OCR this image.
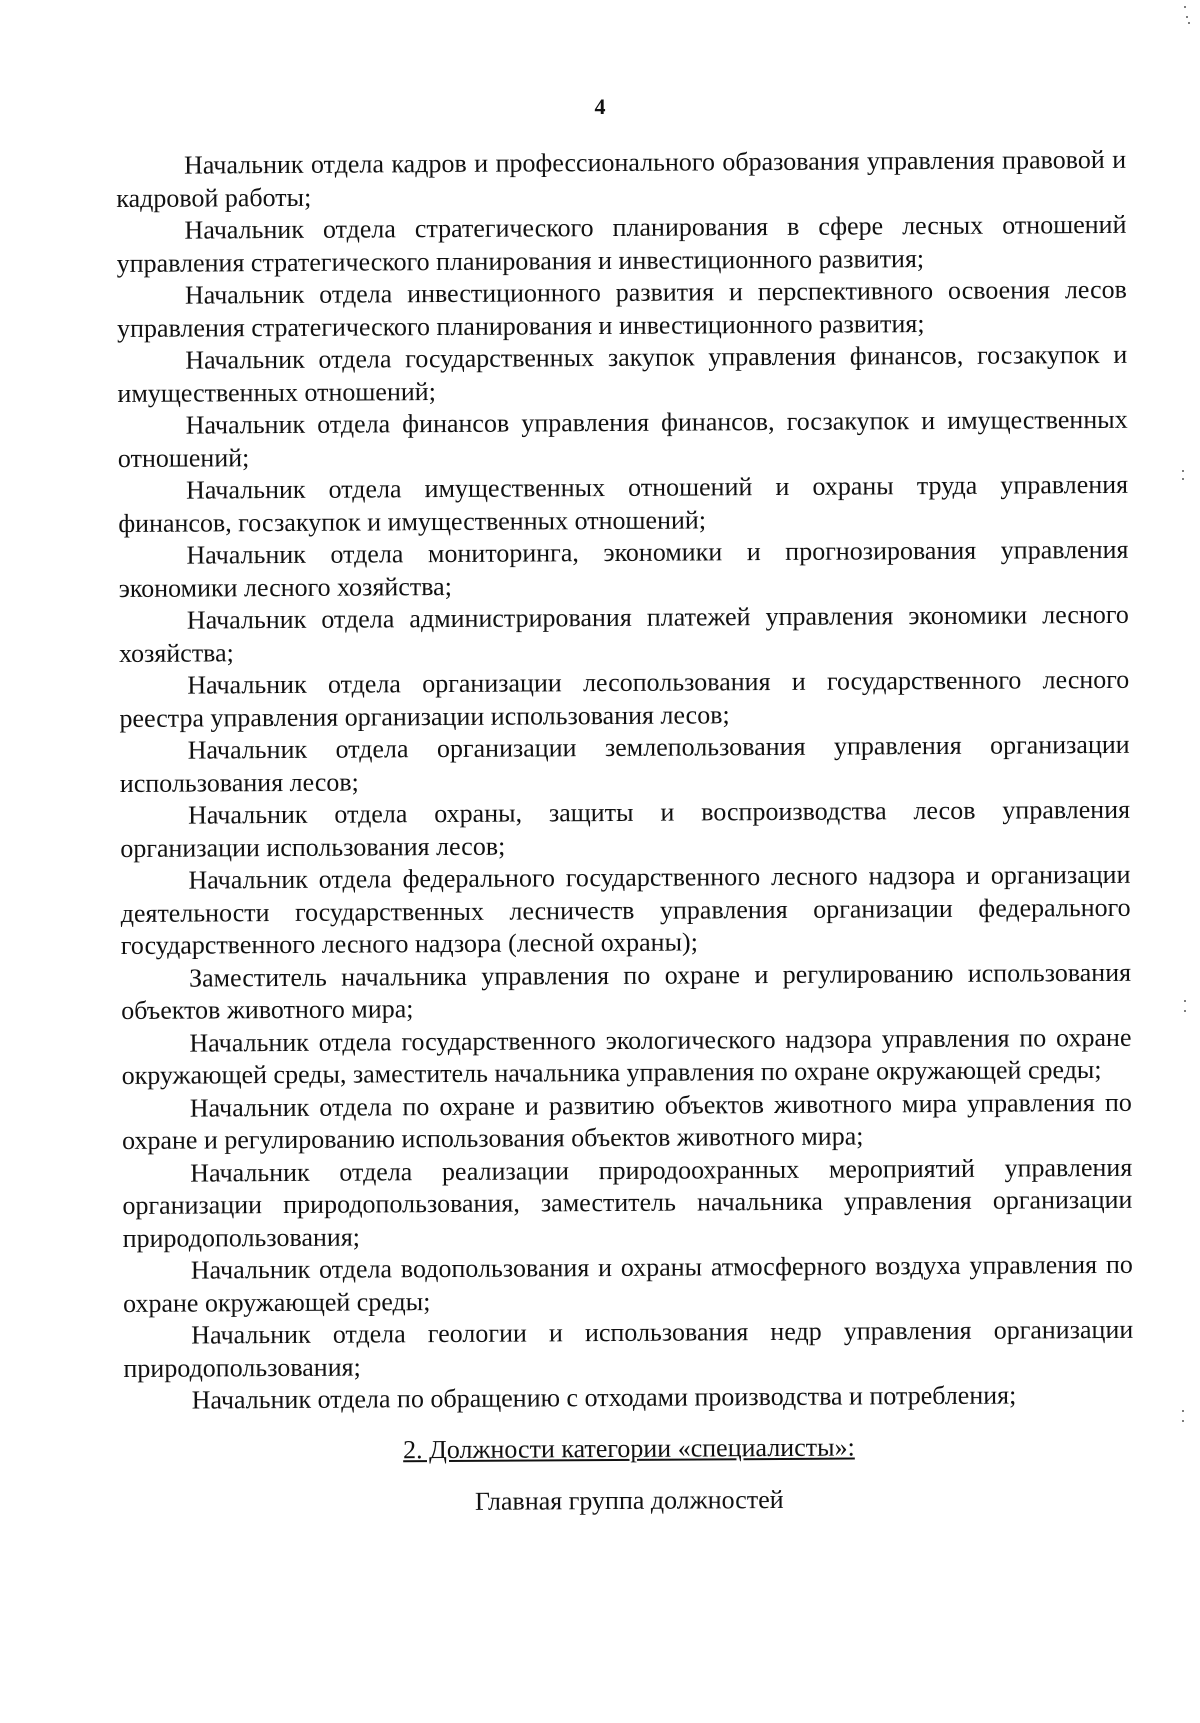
4

Начальник отдела кадров и профессионального образования управления правовой и кадровой работы;

Начальник отдела стратегического планирования в сфере лесных отношений управления стратегического планирования и инвестиционного развития;

Начальник отдела инвестиционного развития и перспективного освоения лесов управления стратегического планирования и инвестиционного развития;

Начальник отдела государственных закупок управления финансов, госзакупок и имущественных отношений;

Начальник отдела финансов управления финансов, госзакупок и имущественных отношений;

Начальник отдела имущественных отношений и охраны труда управления финансов, госзакупок и имущественных отношений;

Начальник отдела мониторинга, экономики и прогнозирования управления экономики лесного хозяйства;

Начальник отдела администрирования платежей управления экономики лесного хозяйства;

Начальник отдела организации лесопользования и государственного лесного реестра управления организации использования лесов;

Начальник отдела организации землепользования управления организации использования лесов;

Начальник отдела охраны, защиты и воспроизводства лесов управления организации использования лесов;

Начальник отдела федерального государственного лесного надзора и организации деятельности государственных лесничеств управления организации федерального государственного лесного надзора (лесной охраны);

Заместитель начальника управления по охране и регулированию использования объектов животного мира;

Начальник отдела государственного экологического надзора управления по охране окружающей среды, заместитель начальника управления по охране окружающей среды;

Начальник отдела по охране и развитию объектов животного мира управления по охране и регулированию использования объектов животного мира;

Начальник отдела реализации природоохранных мероприятий управления организации природопользования, заместитель начальника управления организации природопользования;

Начальник отдела водопользования и охраны атмосферного воздуха управления по охране окружающей среды;

Начальник отдела геологии и использования недр управления организации природопользования;

Начальник отдела по обращению с отходами производства и потребления;

2. Должности категории «специалисты»:

Главная группа должностей
